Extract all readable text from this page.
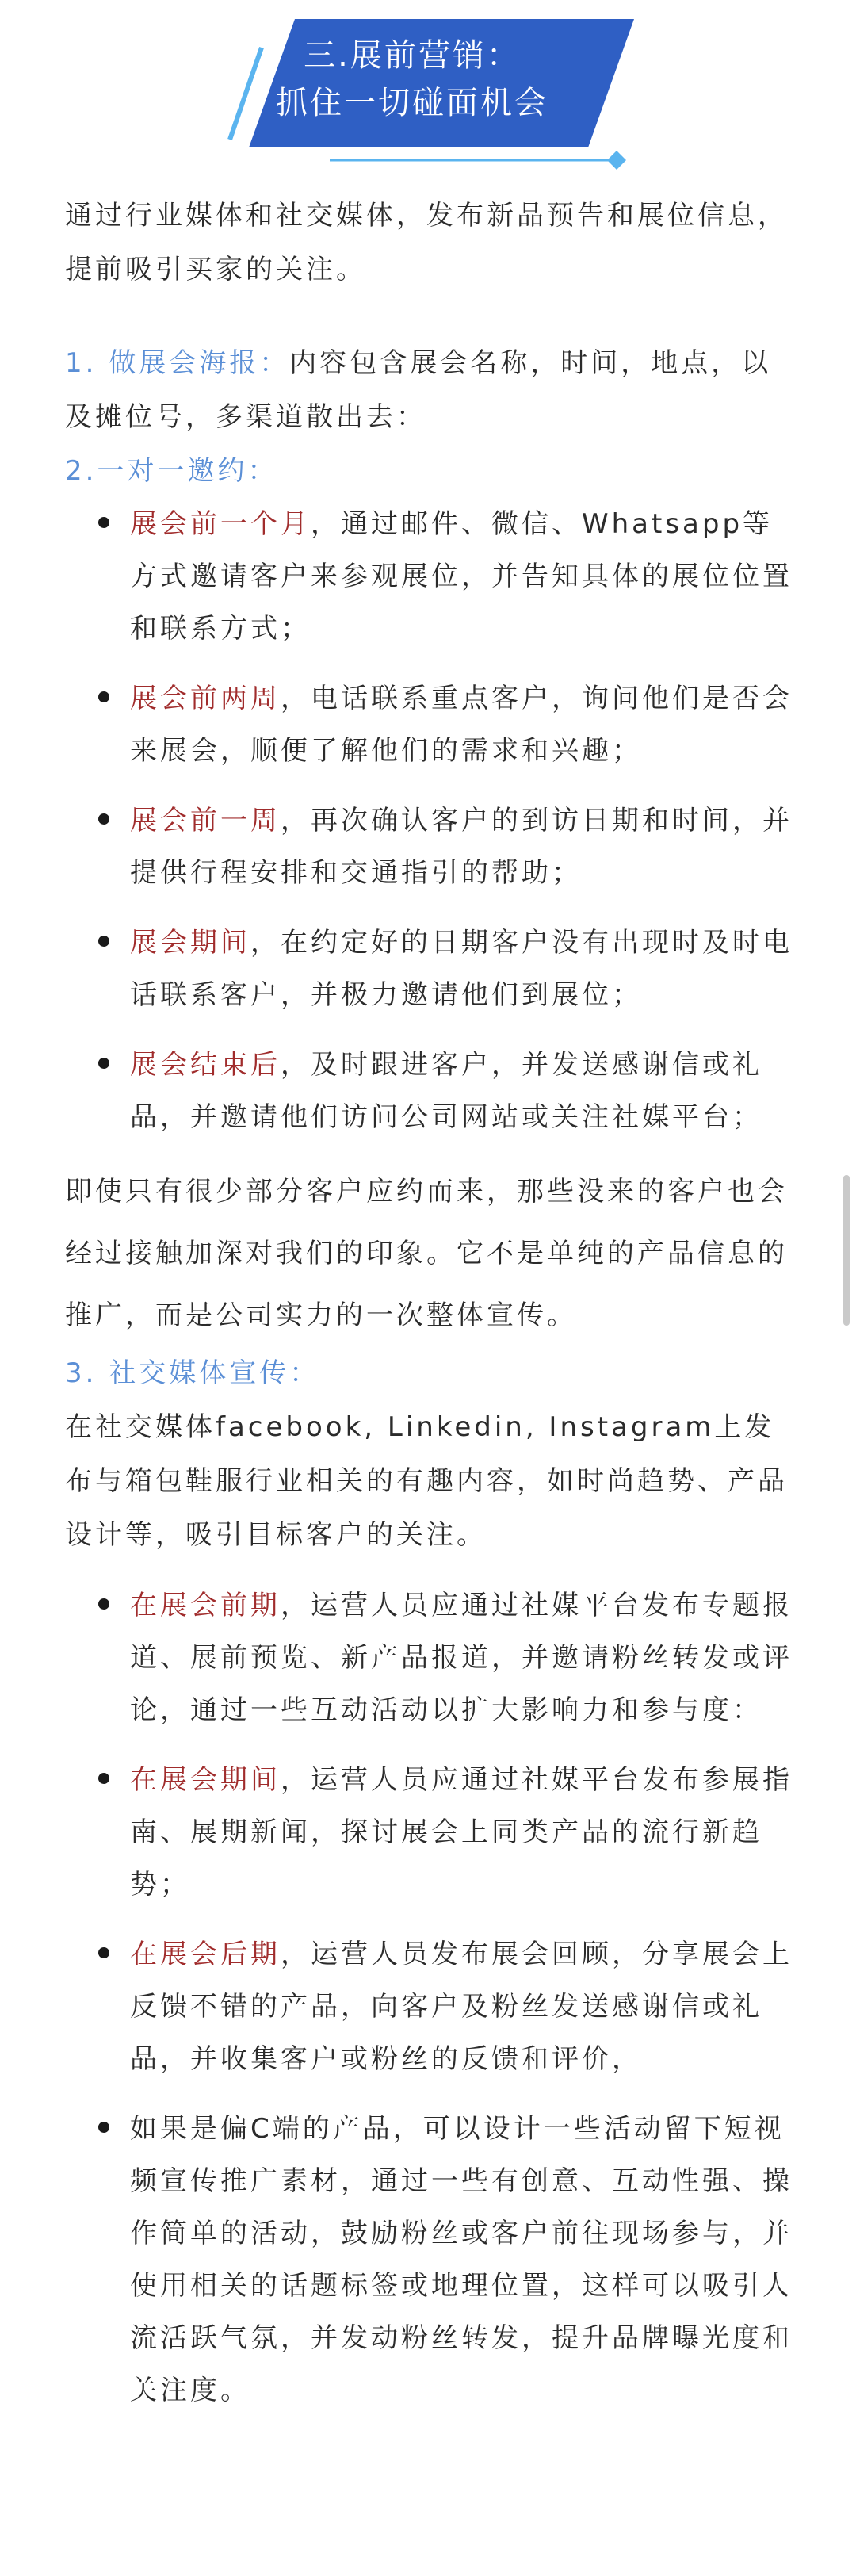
三.展前营销：
抓住一切碰面机会

通过行业媒体和社交媒体，发布新品预告和展位信息，提前吸引买家的关注。

1. 做展会海报：内容包含展会名称，时间，地点，以及摊位号，多渠道散出去：

2.一对一邀约：

展会前一个月，通过邮件、微信、Whatsapp等方式邀请客户来参观展位，并告知具体的展位位置和联系方式；
展会前两周，电话联系重点客户，询问他们是否会来展会，顺便了解他们的需求和兴趣；
展会前一周，再次确认客户的到访日期和时间，并提供行程安排和交通指引的帮助；
展会期间，在约定好的日期客户没有出现时及时电话联系客户，并极力邀请他们到展位；
展会结束后，及时跟进客户，并发送感谢信或礼品，并邀请他们访问公司网站或关注社媒平台；

即使只有很少部分客户应约而来，那些没来的客户也会经过接触加深对我们的印象。它不是单纯的产品信息的推广，而是公司实力的一次整体宣传。

3. 社交媒体宣传：

在社交媒体facebook, Linkedin, Instagram上发布与箱包鞋服行业相关的有趣内容，如时尚趋势、产品设计等，吸引目标客户的关注。

在展会前期，运营人员应通过社媒平台发布专题报道、展前预览、新产品报道，并邀请粉丝转发或评论，通过一些互动活动以扩大影响力和参与度：
在展会期间，运营人员应通过社媒平台发布参展指南、展期新闻，探讨展会上同类产品的流行新趋势；
在展会后期，运营人员发布展会回顾，分享展会上反馈不错的产品，向客户及粉丝发送感谢信或礼品，并收集客户或粉丝的反馈和评价，
如果是偏C端的产品，可以设计一些活动留下短视频宣传推广素材，通过一些有创意、互动性强、操作简单的活动，鼓励粉丝或客户前往现场参与，并使用相关的话题标签或地理位置，这样可以吸引人流活跃气氛，并发动粉丝转发，提升品牌曝光度和关注度。
